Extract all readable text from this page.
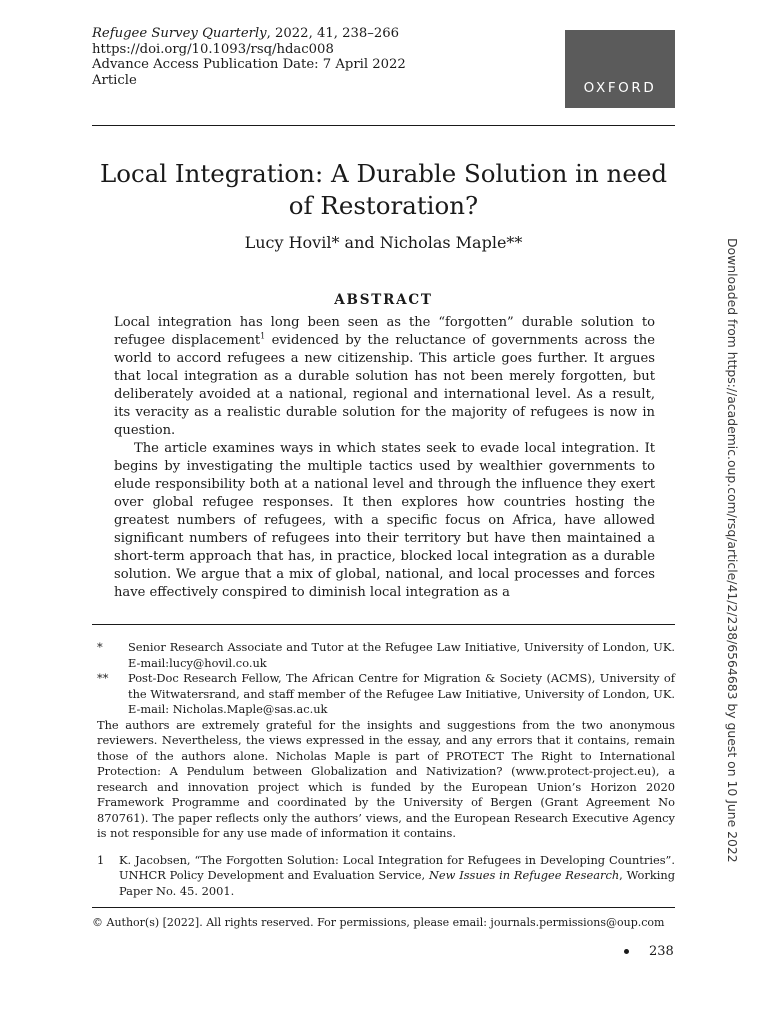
Refugee Survey Quarterly, 2022, 41, 238–266
https://doi.org/10.1093/rsq/hdac008
Advance Access Publication Date: 7 April 2022
Article	OXFORD
Local Integration: A Durable Solution in need of Restoration?
Lucy Hovil* and Nicholas Maple**
ABSTRACT

Local integration has long been seen as the “forgotten” durable solution to refugee displacement$^1$ evidenced by the reluctance of governments across the world to accord refugees a new citizenship. This article goes further. It argues that local integration as a durable solution has not been merely forgotten, but deliberately avoided at a national, regional and international level. As a result, its veracity as a realistic durable solution for the majority of refugees is now in question.

The article examines ways in which states seek to evade local integration. It begins by investigating the multiple tactics used by wealthier governments to elude responsibility both at a national level and through the influence they exert over global refugee responses. It then explores how countries hosting the greatest numbers of refugees, with a specific focus on Africa, have allowed significant numbers of refugees into their territory but have then maintained a short-term approach that has, in practice, blocked local integration as a durable solution. We argue that a mix of global, national, and local processes and forces have effectively conspired to diminish local integration as a

*	Senior Research Associate and Tutor at the Refugee Law Initiative, University of London, UK. E-mail:lucy@hovil.co.uk
**	Post-Doc Research Fellow, The African Centre for Migration & Society (ACMS), University of the Witwatersrand, and staff member of the Refugee Law Initiative, University of London, UK. E-mail: Nicholas.Maple@sas.ac.uk

The authors are extremely grateful for the insights and suggestions from the two anonymous reviewers. Nevertheless, the views expressed in the essay, and any errors that it contains, remain those of the authors alone. Nicholas Maple is part of PROTECT The Right to International Protection: A Pendulum between Globalization and Nativization? (www.protect-project.eu), a research and innovation project which is funded by the European Union’s Horizon 2020 Framework Programme and coordinated by the University of Bergen (Grant Agreement No 870761). The paper reflects only the authors’ views, and the European Research Executive Agency is not responsible for any use made of information it contains.

1	K. Jacobsen, “The Forgotten Solution: Local Integration for Refugees in Developing Countries”. UNHCR Policy Development and Evaluation Service, New Issues in Refugee Research, Working Paper No. 45. 2001.
© Author(s) [2022]. All rights reserved. For permissions, please email: journals.permissions@oup.com
238
Downloaded from https://academic.oup.com/rsq/article/41/2/238/6564683 by guest on 10 June 2022
